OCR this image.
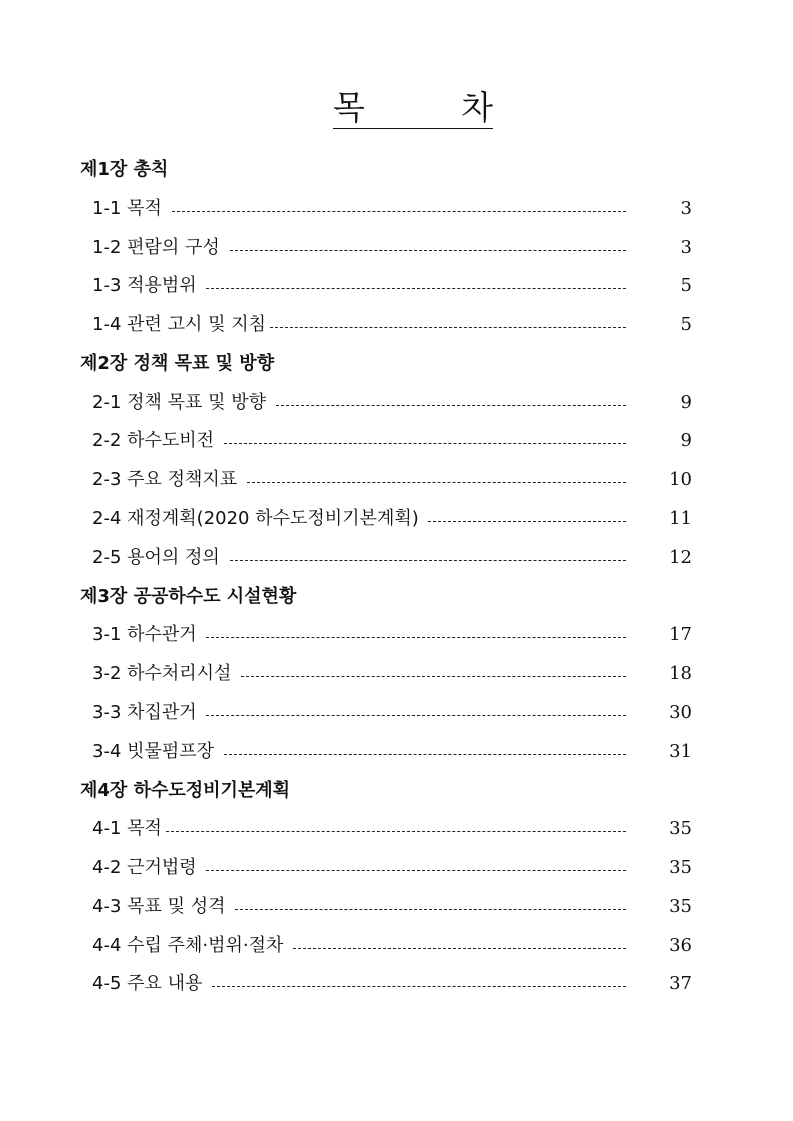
목	차
제1장 총칙
1-1 목적	3
1-2 편람의 구성	3
1-3 적용범위	5
1-4 관련 고시 및 지침	5
제2장 정책 목표 및 방향
2-1 정책 목표 및 방향	9
2-2 하수도비전	9
2-3 주요 정책지표	10
2-4 재정계획(2020 하수도정비기본계획)	11
2-5 용어의 정의	12
제3장 공공하수도 시설현황
3-1 하수관거	17
3-2 하수처리시설	18
3-3 차집관거	30
3-4 빗물펌프장	31
제4장 하수도정비기본계획
4-1 목적	35
4-2 근거법령	35
4-3 목표 및 성격	35
4-4 수립 주체·범위·절차	36
4-5 주요 내용	37
